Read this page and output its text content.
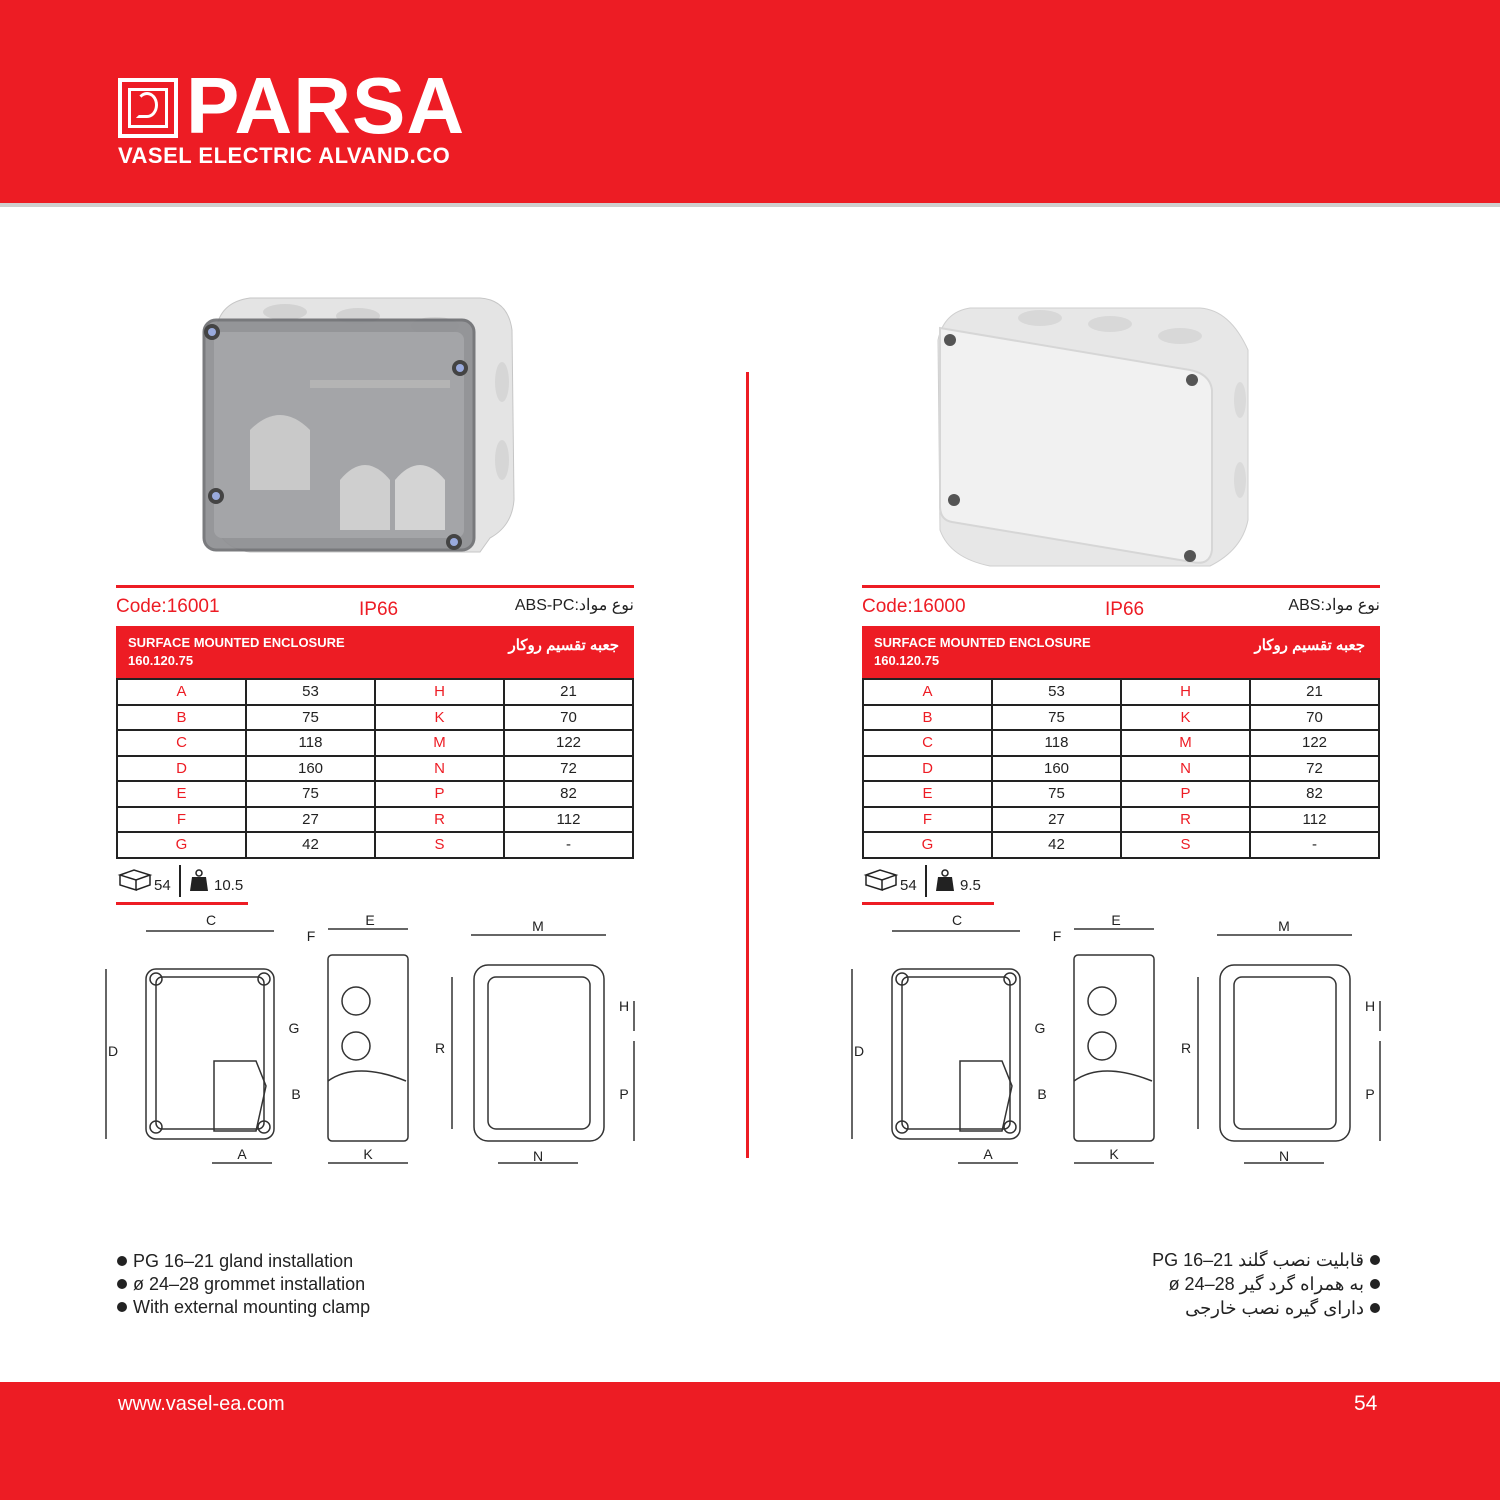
PARSA
VASEL ELECTRIC ALVAND.CO
Code:16001	IP66	نوع مواد:ABS-PC
SURFACE MOUNTED ENCLOSURE
160.120.75
جعبه تقسیم روکار
A	53	H	21
B	75	K	70
C	118	M	122
D	160	N	72
E	75	P	82
F	27	R	112
G	42	S	-
54	10.5
C
D
A
F
E
G
B
K
M
R
H
P
N
Code:16000	IP66	نوع مواد:ABS
SURFACE MOUNTED ENCLOSURE
160.120.75
جعبه تقسیم روکار
A	53	H	21
B	75	K	70
C	118	M	122
D	160	N	72
E	75	P	82
F	27	R	112
G	42	S	-
54	9.5
C
D
A
F
E
G
B
K
M
R
H
P
N
PG 16–21 gland installation
ø 24–28 grommet installation
With external mounting clamp
قابلیت نصب گلند PG 16–21
به همراه گرد گیر ø 24–28
دارای گیره نصب خارجی
www.vasel-ea.com	54
